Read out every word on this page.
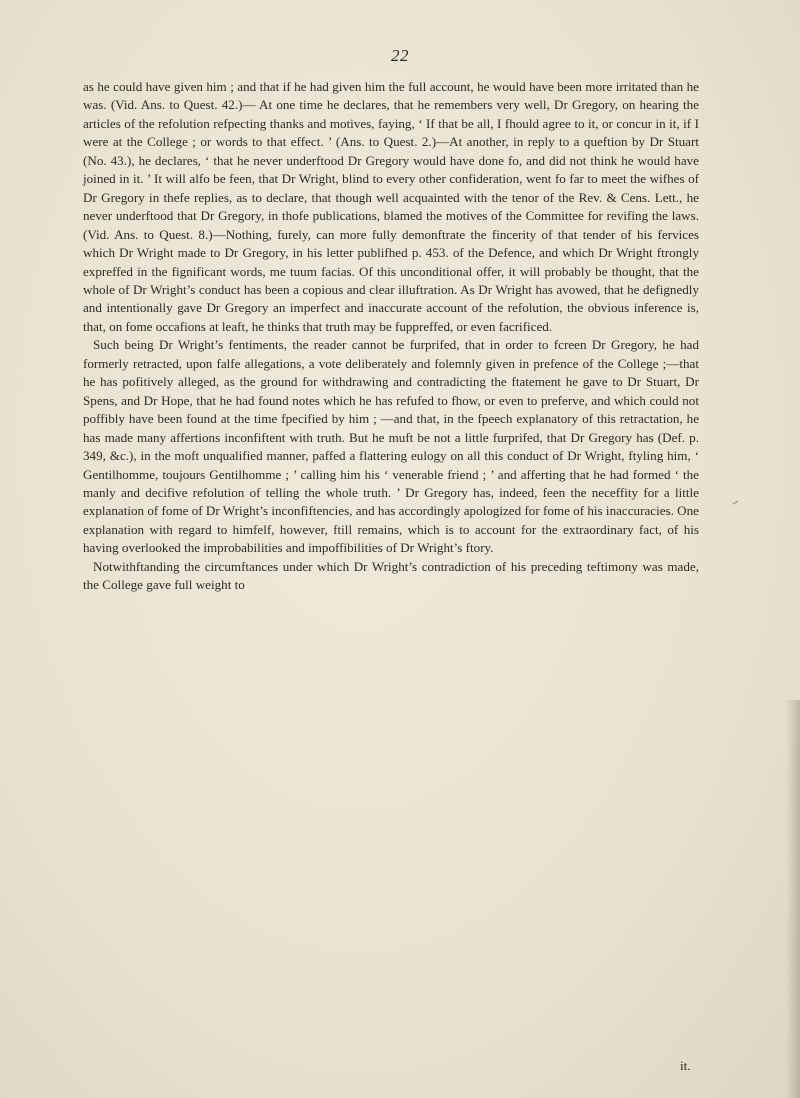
22

as he could have given him ; and that if he had given him the full account, he would have been more irritated than he was. (Vid. Ans. to Quest. 42.)— At one time he declares, that he remembers very well, Dr Gregory, on hearing the articles of the refolution refpecting thanks and motives, faying, ‘ If that be all, I fhould agree to it, or concur in it, if I were at the College ; or words to that effect. ’ (Ans. to Quest. 2.)—At another, in reply to a queftion by Dr Stuart (No. 43.), he declares, ‘ that he never underftood Dr Gregory would have done fo, and did not think he would have joined in it. ’ It will alfo be feen, that Dr Wright, blind to every other confideration, went fo far to meet the wifhes of Dr Gregory in thefe replies, as to declare, that though well acquainted with the tenor of the Rev. & Cens. Lett., he never underftood that Dr Gregory, in thofe publications, blamed the motives of the Committee for revifing the laws. (Vid. Ans. to Quest. 8.)—Nothing, furely, can more fully demonftrate the fincerity of that tender of his fervices which Dr Wright made to Dr Gregory, in his letter publifhed p. 453. of the Defence, and which Dr Wright ftrongly expreffed in the fignificant words, me tuum facias. Of this unconditional offer, it will probably be thought, that the whole of Dr Wright’s conduct has been a copious and clear illuftration. As Dr Wright has avowed, that he defignedly and intentionally gave Dr Gregory an imperfect and inaccurate account of the refolution, the obvious inference is, that, on fome occafions at leaft, he thinks that truth may be fuppreffed, or even facrificed.

Such being Dr Wright’s fentiments, the reader cannot be furprifed, that in order to fcreen Dr Gregory, he had formerly retracted, upon falfe allegations, a vote deliberately and folemnly given in prefence of the College ;—that he has pofitively alleged, as the ground for withdrawing and contradicting the ftatement he gave to Dr Stuart, Dr Spens, and Dr Hope, that he had found notes which he has refufed to fhow, or even to preferve, and which could not poffibly have been found at the time fpecified by him ; —and that, in the fpeech explanatory of this retractation, he has made many affertions inconfiftent with truth. But he muft be not a little furprifed, that Dr Gregory has (Def. p. 349, &c.), in the moft unqualified manner, paffed a flattering eulogy on all this conduct of Dr Wright, ftyling him, ‘ Gentilhomme, toujours Gentilhomme ; ’ calling him his ‘ venerable friend ; ’ and afferting that he had formed ‘ the manly and decifive refolution of telling the whole truth. ’ Dr Gregory has, indeed, feen the neceffity for a little explanation of fome of Dr Wright’s inconfiftencies, and has accordingly apologized for fome of his inaccuracies. One explanation with regard to himfelf, however, ftill remains, which is to account for the extraordinary fact, of his having overlooked the improbabilities and impoffibilities of Dr Wright’s ftory.

Notwithftanding the circumftances under which Dr Wright’s contradiction of his preceding teftimony was made, the College gave full weight to

it.
